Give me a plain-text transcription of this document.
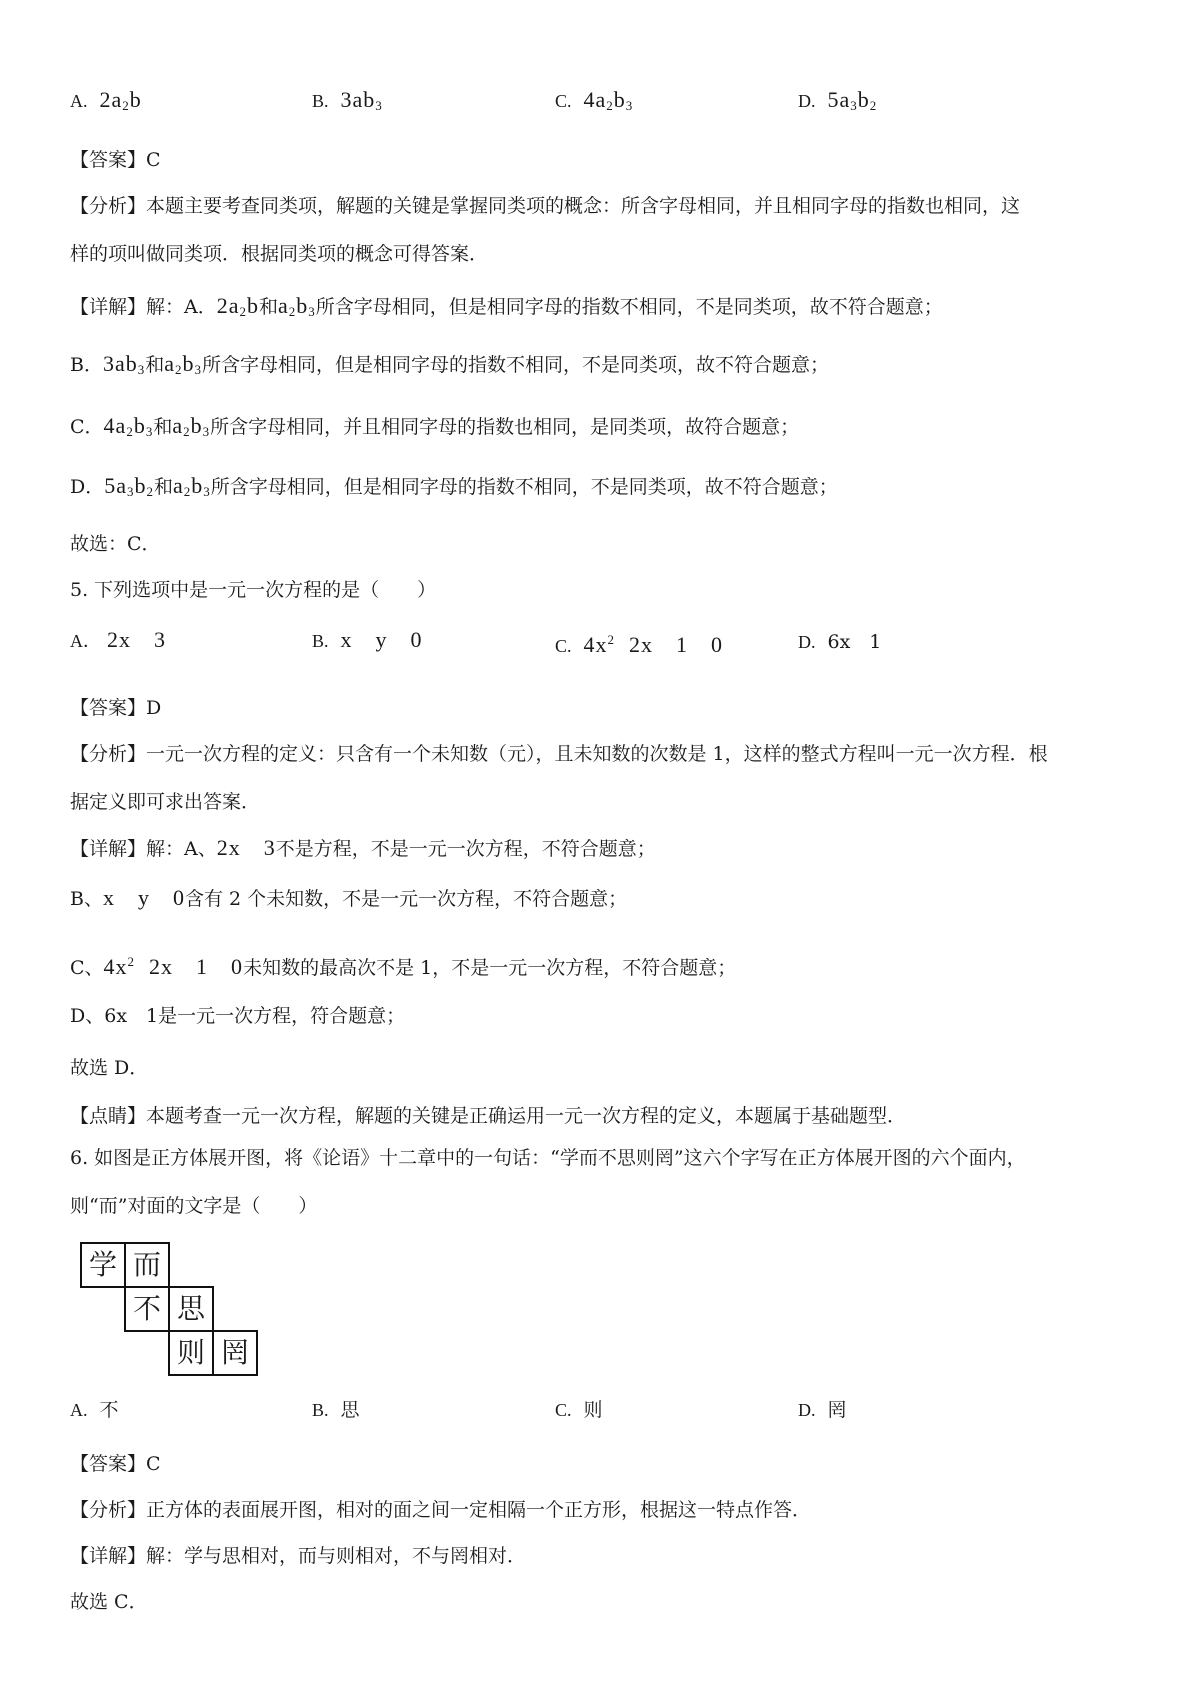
A. $2a_2b$	B. $3ab_3$	C. $4a_2b_3$	D. $5a_3b_2$
【答案】C
【分析】本题主要考查同类项，解题的关键是掌握同类项的概念：所含字母相同，并且相同字母的指数也相同，这
样的项叫做同类项．根据同类项的概念可得答案．
【详解】解：A．$2a_2b$和$a_2b_3$所含字母相同，但是相同字母的指数不相同，不是同类项，故不符合题意；
B．$3ab_3$和$a_2b_3$所含字母相同，但是相同字母的指数不相同，不是同类项，故不符合题意；
C．$4a_2b_3$和$a_2b_3$所含字母相同，并且相同字母的指数也相同，是同类项，故符合题意；
D．$5a_3b_2$和$a_2b_3$所含字母相同，但是相同字母的指数不相同，不是同类项，故不符合题意；
故选：C．
5. 下列选项中是一元一次方程的是（　　）
A． 2x　3	B. x　y　0	C. $4x^2$ 2x　1　0	D. 6x　1
【答案】D
【分析】一元一次方程的定义：只含有一个未知数（元），且未知数的次数是 1，这样的整式方程叫一元一次方程．根
据定义即可求出答案．
【详解】解：A、2x　3不是方程，不是一元一次方程，不符合题意；
B、x　y　0含有 2 个未知数，不是一元一次方程，不符合题意；
C、$4x^2$ 2x　1　0未知数的最高次不是 1，不是一元一次方程，不符合题意；
D、6x　1是一元一次方程，符合题意；
故选 D．
【点睛】本题考查一元一次方程，解题的关键是正确运用一元一次方程的定义，本题属于基础题型．
6. 如图是正方体展开图，将《论语》十二章中的一句话：“学而不思则罔”这六个字写在正方体展开图的六个面内，
则“而”对面的文字是（　　）
学 而
不 思
则 罔
A. 不	B. 思	C. 则	D. 罔
【答案】C
【分析】正方体的表面展开图，相对的面之间一定相隔一个正方形，根据这一特点作答．
【详解】解：学与思相对，而与则相对，不与罔相对．
故选 C．
